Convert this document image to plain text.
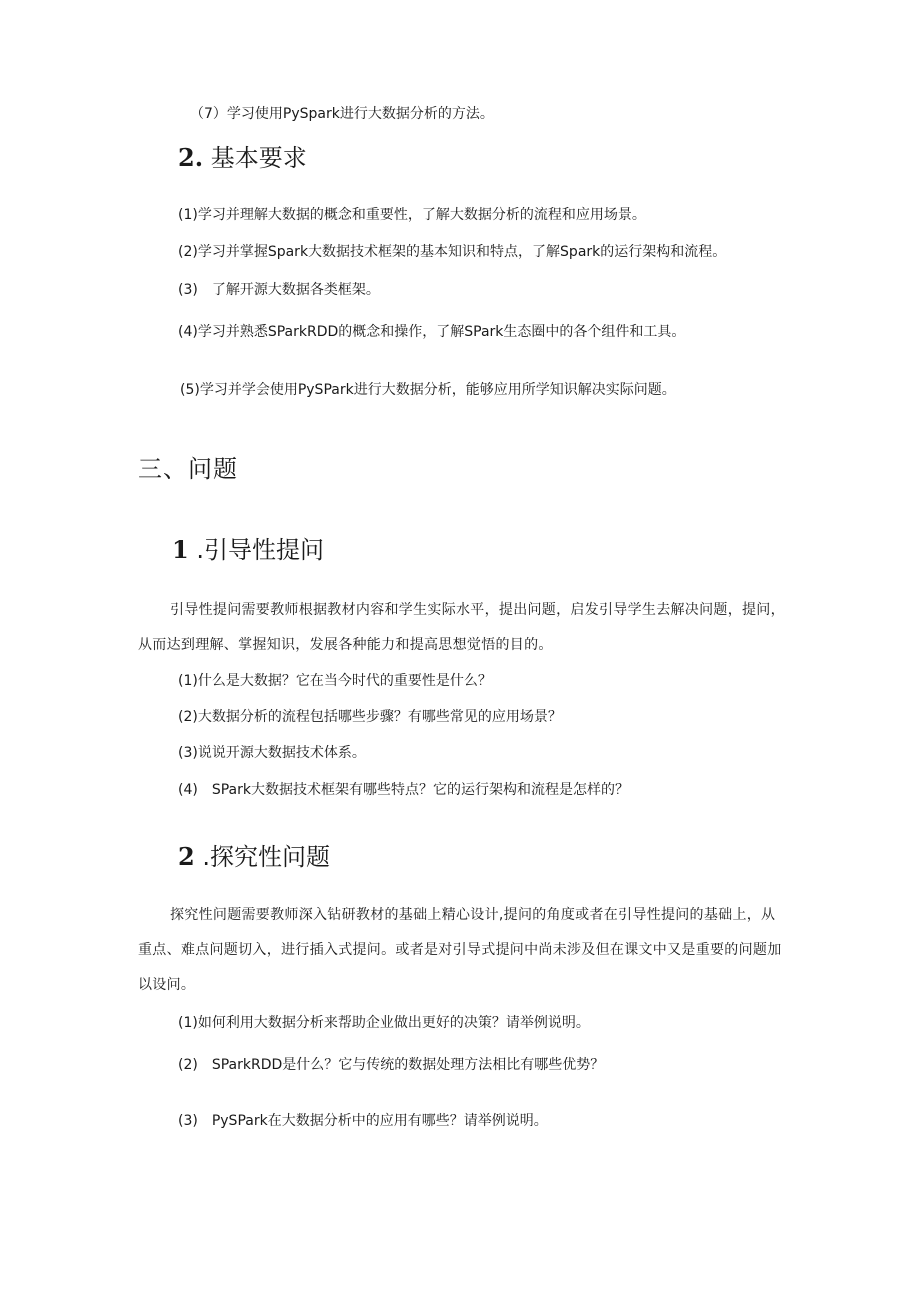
（7）学习使用PySpark进行大数据分析的方法。

2. 基本要求

(1)学习并理解大数据的概念和重要性，了解大数据分析的流程和应用场景。

(2)学习并掌握Spark大数据技术框架的基本知识和特点，了解Spark的运行架构和流程。

(3)　了解开源大数据各类框架。

(4)学习并熟悉SParkRDD的概念和操作，了解SPark生态圈中的各个组件和工具。

(5)学习并学会使用PySPark进行大数据分析，能够应用所学知识解决实际问题。

三、问题
1 .引导性提问

引导性提问需要教师根据教材内容和学生实际水平，提出问题，启发引导学生去解决问题，提问，从而达到理解、掌握知识，发展各种能力和提高思想觉悟的目的。

(1)什么是大数据？它在当今时代的重要性是什么？

(2)大数据分析的流程包括哪些步骤？有哪些常见的应用场景？

(3)说说开源大数据技术体系。

(4)　SPark大数据技术框架有哪些特点？它的运行架构和流程是怎样的？

2 .探究性问题

探究性问题需要教师深入钻研教材的基础上精心设计,提问的角度或者在引导性提问的基础上，从重点、难点问题切入，进行插入式提问。或者是对引导式提问中尚未涉及但在课文中又是重要的问题加以设问。

(1)如何利用大数据分析来帮助企业做出更好的决策？请举例说明。

(2)　SParkRDD是什么？它与传统的数据处理方法相比有哪些优势？

(3)　PySPark在大数据分析中的应用有哪些？请举例说明。
